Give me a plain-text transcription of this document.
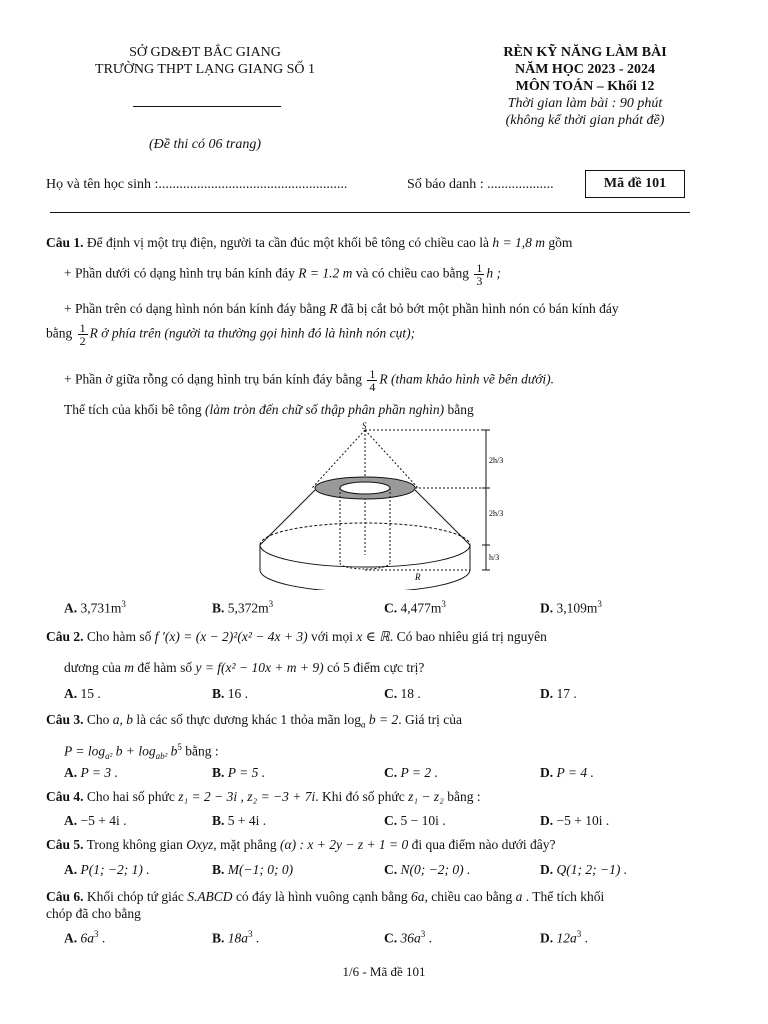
SỞ GD&ĐT BẮC GIANG
TRƯỜNG THPT LẠNG GIANG SỐ 1
(Đề thi có 06 trang)
RÈN KỸ NĂNG LÀM BÀI
NĂM HỌC 2023 - 2024
MÔN TOÁN – Khối 12
Thời gian làm bài : 90 phút
(không kể thời gian phát đề)
Họ và tên học sinh :......................................................	Số báo danh : ...................	Mã đề 101
Câu 1. Để định vị một trụ điện, người ta cần đúc một khối bê tông có chiều cao là h = 1,8 m gồm
+ Phần dưới có dạng hình trụ bán kính đáy R = 1.2 m và có chiều cao bằng $\frac{1}{3}$ h ;
+ Phần trên có dạng hình nón bán kính đáy bằng R đã bị cắt bỏ bớt một phần hình nón có bán kính đáy
bằng $\frac{1}{2}$ R ở phía trên (người ta thường gọi hình đó là hình nón cụt);
+ Phần ở giữa rỗng có dạng hình trụ bán kính đáy bằng $\frac{1}{4}$ R (tham khảo hình vẽ bên dưới).
Thể tích của khối bê tông (làm tròn đến chữ số thập phân phần nghìn) bằng
S
R
2h/3
2h/3
h/3
A. $3,731m^3$	B. $5,372m^3$	C. $4,477m^3$	D. $3,109m^3$
Câu 2. Cho hàm số f ′(x) = (x − 2)²(x² − 4x + 3) với mọi x ∈ ℝ. Có bao nhiêu giá trị nguyên
dương của m để hàm số y = f(x² − 10x + m + 9) có 5 điểm cực trị?
A. 15 .	B. 16 .	C. 18 .	D. 17 .
Câu 3. Cho a, b là các số thực dương khác 1 thỏa mãn $\log_a b = 2$. Giá trị của
$P = \log_{a^2} b + \log_{ab^2} b^5$ bằng :
A. P = 3 .	B. P = 5 .	C. P = 2 .	D. P = 4 .
Câu 4. Cho hai số phức z₁ = 2 − 3i , z₂ = −3 + 7i. Khi đó số phức z₁ − z₂ bằng :
A. −5 + 4i .	B. 5 + 4i .	C. 5 − 10i .	D. −5 + 10i .
Câu 5. Trong không gian Oxyz, mặt phẳng (α) : x + 2y − z + 1 = 0 đi qua điểm nào dưới đây?
A. P(1; −2; 1) .	B. M(−1; 0; 0)	C. N(0; −2; 0) .	D. Q(1; 2; −1) .
Câu 6. Khối chóp tứ giác S.ABCD có đáy là hình vuông cạnh bằng 6a, chiều cao bằng a . Thể tích khối
chóp đã cho bằng
A. $6a^3$ .	B. $18a^3$ .	C. $36a^3$ .	D. $12a^3$ .
1/6 - Mã đề 101
